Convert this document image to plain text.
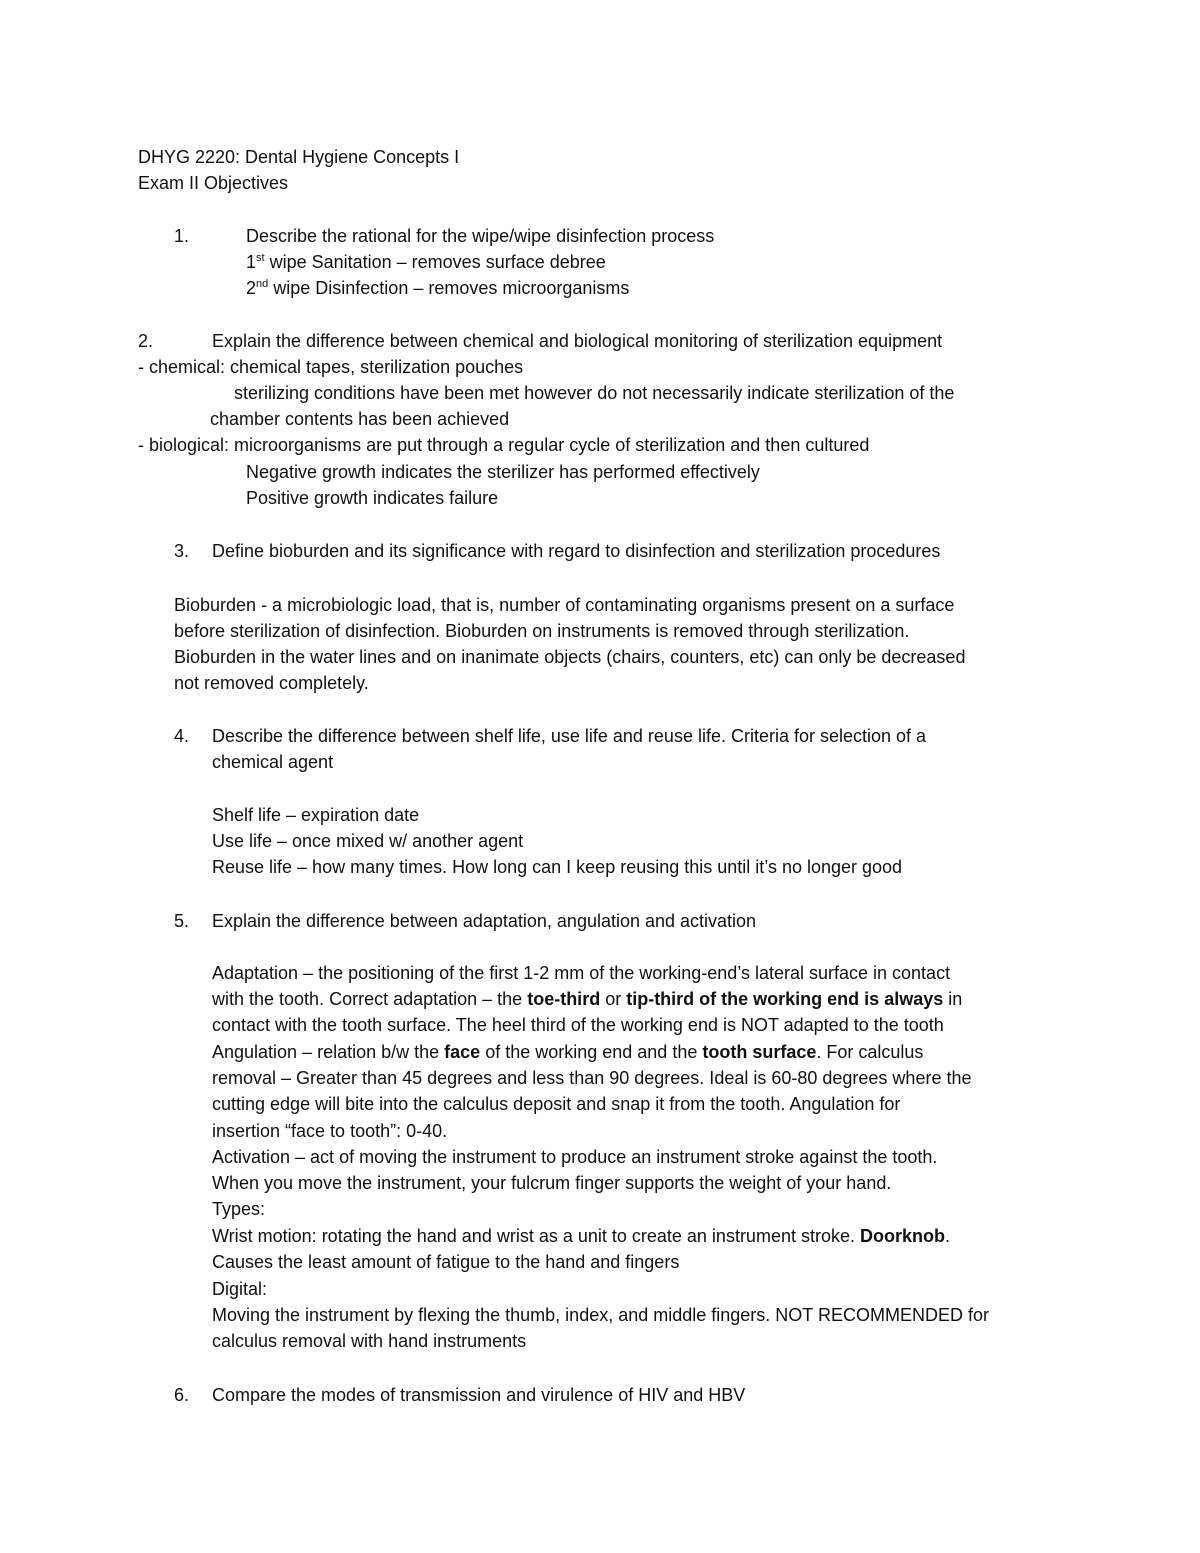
DHYG 2220: Dental Hygiene Concepts I
Exam II Objectives
1.	Describe the rational for the wipe/wipe disinfection process
1st wipe Sanitation – removes surface debree
2nd wipe Disinfection – removes microorganisms
2.	Explain the difference between chemical and biological monitoring of sterilization equipment
- chemical: chemical tapes, sterilization pouches
sterilizing conditions have been met however do not necessarily indicate sterilization of the
chamber contents has been achieved
- biological: microorganisms are put through a regular cycle of sterilization and then cultured
Negative growth indicates the sterilizer has performed effectively
Positive growth indicates failure
3. Define bioburden and its significance with regard to disinfection and sterilization procedures
Bioburden - a microbiologic load, that is, number of contaminating organisms present on a surface
before sterilization of disinfection. Bioburden on instruments is removed through sterilization.
Bioburden in the water lines and on inanimate objects (chairs, counters, etc) can only be decreased
not removed completely.
4. Describe the difference between shelf life, use life and reuse life. Criteria for selection of a
chemical agent
Shelf life – expiration date
Use life – once mixed w/ another agent
Reuse life – how many times. How long can I keep reusing this until it’s no longer good
5. Explain the difference between adaptation, angulation and activation
Adaptation – the positioning of the first 1-2 mm of the working-end’s lateral surface in contact
with the tooth. Correct adaptation – the toe-third or tip-third of the working end is always in
contact with the tooth surface. The heel third of the working end is NOT adapted to the tooth
Angulation – relation b/w the face of the working end and the tooth surface. For calculus
removal – Greater than 45 degrees and less than 90 degrees. Ideal is 60-80 degrees where the
cutting edge will bite into the calculus deposit and snap it from the tooth. Angulation for
insertion “face to tooth”: 0-40.
Activation – act of moving the instrument to produce an instrument stroke against the tooth.
When you move the instrument, your fulcrum finger supports the weight of your hand.
Types:
Wrist motion: rotating the hand and wrist as a unit to create an instrument stroke. Doorknob.
Causes the least amount of fatigue to the hand and fingers
Digital:
Moving the instrument by flexing the thumb, index, and middle fingers. NOT RECOMMENDED for
calculus removal with hand instruments
6. Compare the modes of transmission and virulence of HIV and HBV
